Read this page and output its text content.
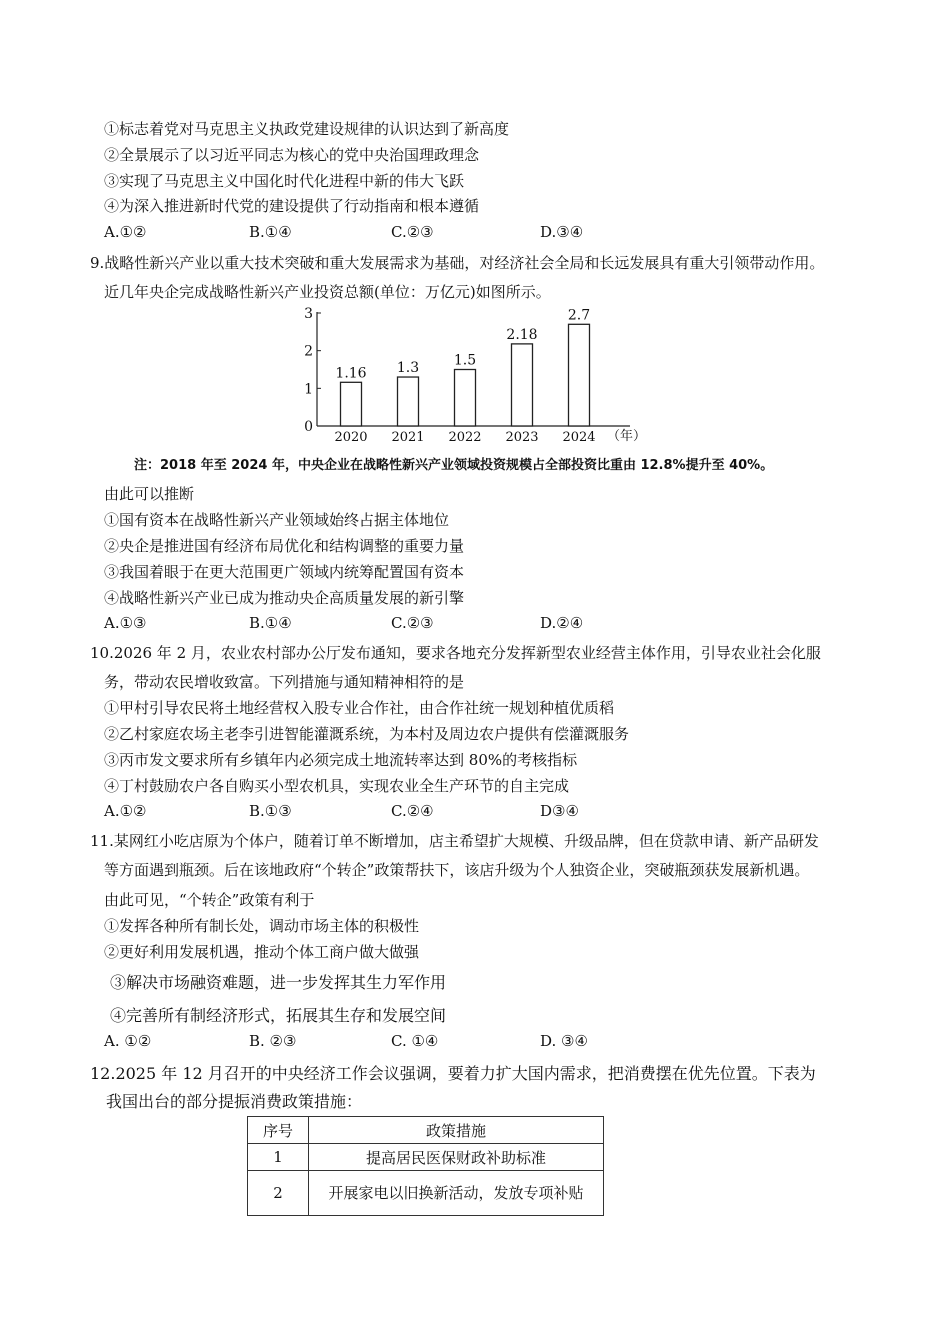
①标志着党对马克思主义执政党建设规律的认识达到了新高度
②全景展示了以习近平同志为核心的党中央治国理政理念
③实现了马克思主义中国化时代化进程中新的伟大飞跃
④为深入推进新时代党的建设提供了行动指南和根本遵循
A.①②	B.①④	C.②③	D.③④
9.战略性新兴产业以重大技术突破和重大发展需求为基础，对经济社会全局和长远发展具有重大引领带动作用。
近几年央企完成战略性新兴产业投资总额(单位：万亿元)如图所示。
0
1
2
3
1.16
2020
1.3
2021
1.5
2022
2.18
2023
2.7
2024 （年）
注：2018 年至 2024 年，中央企业在战略性新兴产业领域投资规模占全部投资比重由 12.8%提升至 40%。
由此可以推断
①国有资本在战略性新兴产业领域始终占据主体地位
②央企是推进国有经济布局优化和结构调整的重要力量
③我国着眼于在更大范围更广领域内统筹配置国有资本
④战略性新兴产业已成为推动央企高质量发展的新引擎
A.①③	B.①④	C.②③	D.②④
10.2026 年 2 月，农业农村部办公厅发布通知，要求各地充分发挥新型农业经营主体作用，引导农业社会化服
务，带动农民增收致富。下列措施与通知精神相符的是
①甲村引导农民将土地经营权入股专业合作社，由合作社统一规划种植优质稻
②乙村家庭农场主老李引进智能灌溉系统，为本村及周边农户提供有偿灌溉服务
③丙市发文要求所有乡镇年内必须完成土地流转率达到 80%的考核指标
④丁村鼓励农户各自购买小型农机具，实现农业全生产环节的自主完成
A.①②	B.①③	C.②④	D③④
11.某网红小吃店原为个体户，随着订单不断增加，店主希望扩大规模、升级品牌，但在贷款申请、新产品研发
等方面遇到瓶颈。后在该地政府“个转企”政策帮扶下，该店升级为个人独资企业，突破瓶颈获发展新机遇。
由此可见，“个转企”政策有利于
①发挥各种所有制长处，调动市场主体的积极性
②更好利用发展机遇，推动个体工商户做大做强
③解决市场融资难题，进一步发挥其生力军作用
④完善所有制经济形式，拓展其生存和发展空间
A. ①②	B. ②③	C. ①④	D. ③④
12.2025 年 12 月召开的中央经济工作会议强调，要着力扩大国内需求，把消费摆在优先位置。下表为
我国出台的部分提振消费政策措施：
序号	政策措施
1	提高居民医保财政补助标准
2	开展家电以旧换新活动，发放专项补贴
